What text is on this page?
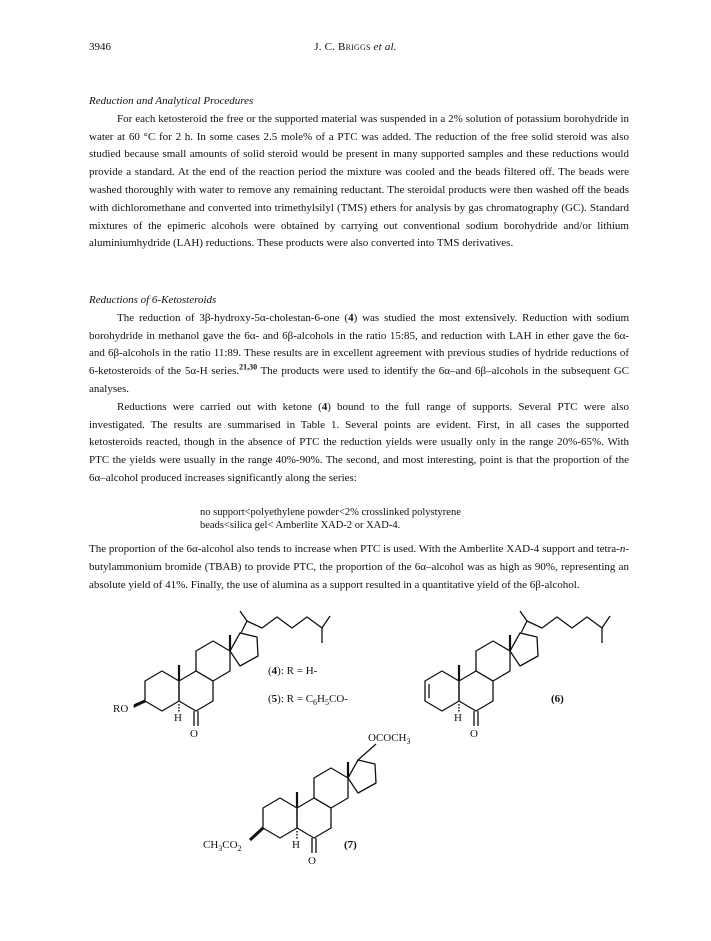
3946	J. C. Briggs et al.

Reduction and Analytical Procedures

For each ketosteroid the free or the supported material was suspended in a 2% solution of potassium borohydride in water at 60 °C for 2 h. In some cases 2.5 mole% of a PTC was added. The reduction of the free solid steroid was also studied because small amounts of solid steroid would be present in many supported samples and these reductions would provide a standard. At the end of the reaction period the mixture was cooled and the beads filtered off. The beads were washed thoroughly with water to remove any remaining reductant. The steroidal products were then washed off the beads with dichloromethane and converted into trimethylsilyl (TMS) ethers for analysis by gas chromatography (GC). Standard mixtures of the epimeric alcohols were obtained by carrying out conventional sodium borohydride and/or lithium aluminiumhydride (LAH) reductions. These products were also converted into TMS derivatives.

Reductions of 6-Ketosteroids

The reduction of 3β-hydroxy-5α-cholestan-6-one (4) was studied the most extensively. Reduction with sodium borohydride in methanol gave the 6α- and 6β-alcohols in the ratio 15:85, and reduction with LAH in ether gave the 6α- and 6β-alcohols in the ratio 11:89. These results are in excellent agreement with previous studies of hydride reductions of 6-ketosteroids of the 5α-H series.$^{21,30}$ The products were used to identify the 6α–and 6β–alcohols in the subsequent GC analyses.

Reductions were carried out with ketone (4) bound to the full range of supports. Several PTC were also investigated. The results are summarised in Table 1. Several points are evident. First, in all cases the supported ketosteroids reacted, though in the absence of PTC the reduction yields were usually only in the range 20%-65%. With PTC the yields were usually in the range 40%-90%. The second, and most interesting, point is that the proportion of the 6α–alcohol produced increases significantly along the series:

no support<polyethylene powder<2% crosslinked polystyrene
beads<silica gel< Amberlite XAD-2 or XAD-4.

The proportion of the 6α-alcohol also tends to increase when PTC is used. With the Amberlite XAD-4 support and tetra-n-butylammonium bromide (TBAB) to provide PTC, the proportion of the 6α–alcohol was as high as 90%, representing an absolute yield of 41%. Finally, the use of alumina as a support resulted in a quantitative yield of the 6β-alcohol.

(4): R = H-
(5): $R = C_6H_5CO-$
RO
H
O
(6)
H
O
$OCOCH_3$
$CH_3CO_2$	H
O
(7)
